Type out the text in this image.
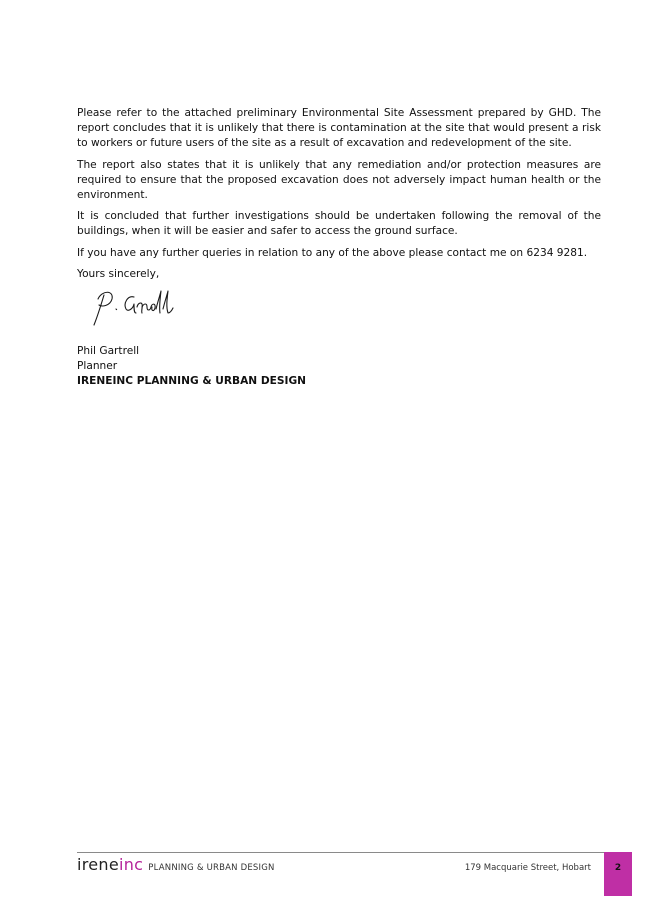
Please refer to the attached preliminary Environmental Site Assessment prepared by GHD. The report concludes that it is unlikely that there is contamination at the site that would present a risk to workers or future users of the site as a result of excavation and redevelopment of the site.

The report also states that it is unlikely that any remediation and/or protection measures are required to ensure that the proposed excavation does not adversely impact human health or the environment.

It is concluded that further investigations should be undertaken following the removal of the buildings, when it will be easier and safer to access the ground surface.

If you have any further queries in relation to any of the above please contact me on 6234 9281.

Yours sincerely,

Phil Gartrell
Planner
IRENEINC PLANNING & URBAN DESIGN
irene inc PLANNING & URBAN DESIGN	179 Macquarie Street, Hobart	2
